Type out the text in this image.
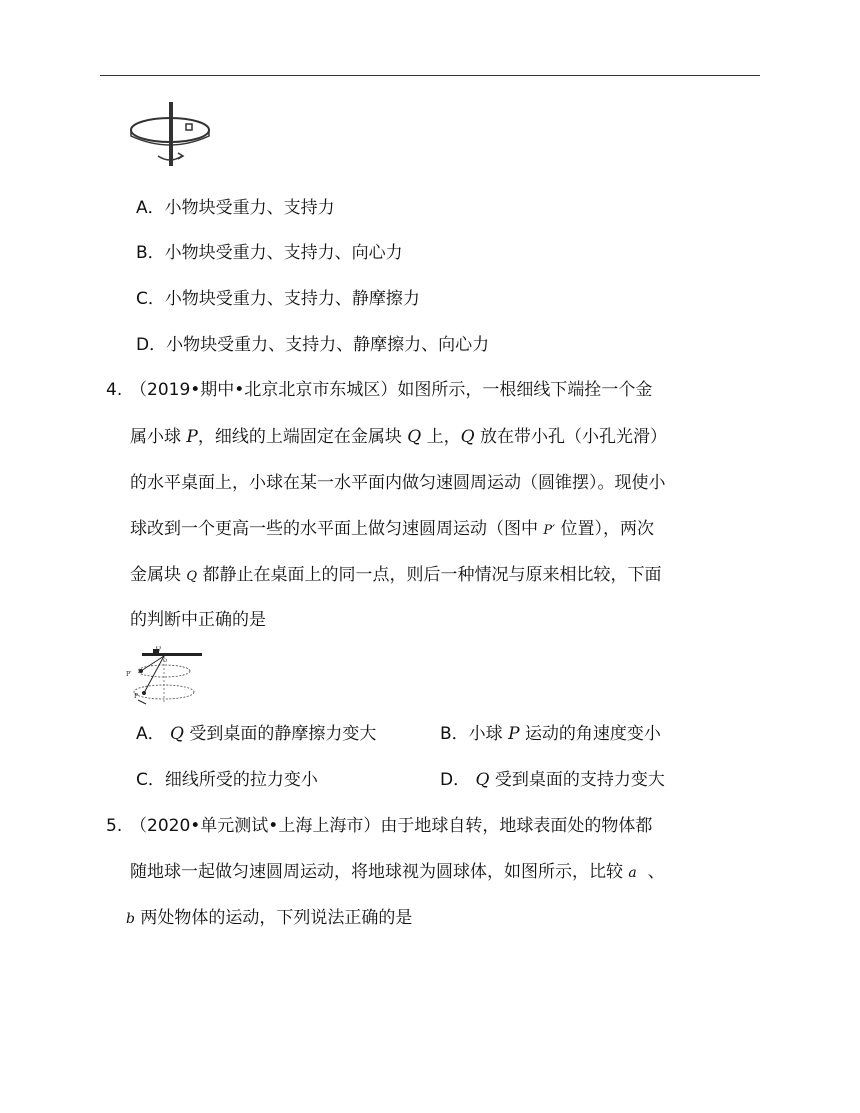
A．小物块受重力、支持力
B．小物块受重力、支持力、向心力
C．小物块受重力、支持力、静摩擦力
D．小物块受重力、支持力、静摩擦力、向心力
4. （2019•期中•北京北京市东城区）如图所示，一根细线下端拴一个金
属小球 P，细线的上端固定在金属块 Q 上，Q 放在带小孔（小孔光滑）
的水平桌面上，小球在某一水平面内做匀速圆周运动（圆锥摆）。现使小
球改到一个更高一些的水平面上做匀速圆周运动（图中 P′ 位置），两次
金属块 Q 都静止在桌面上的同一点，则后一种情况与原来相比较，下面
的判断中正确的是
Q
O
P′
P
A． Q 受到桌面的静摩擦力变大	B．小球 P 运动的角速度变小
C．细线所受的拉力变小	D． Q 受到桌面的支持力变大
5. （2020•单元测试•上海上海市）由于地球自转，地球表面处的物体都
随地球一起做匀速圆周运动，将地球视为圆球体，如图所示，比较 a 、
b 两处物体的运动，下列说法正确的是
